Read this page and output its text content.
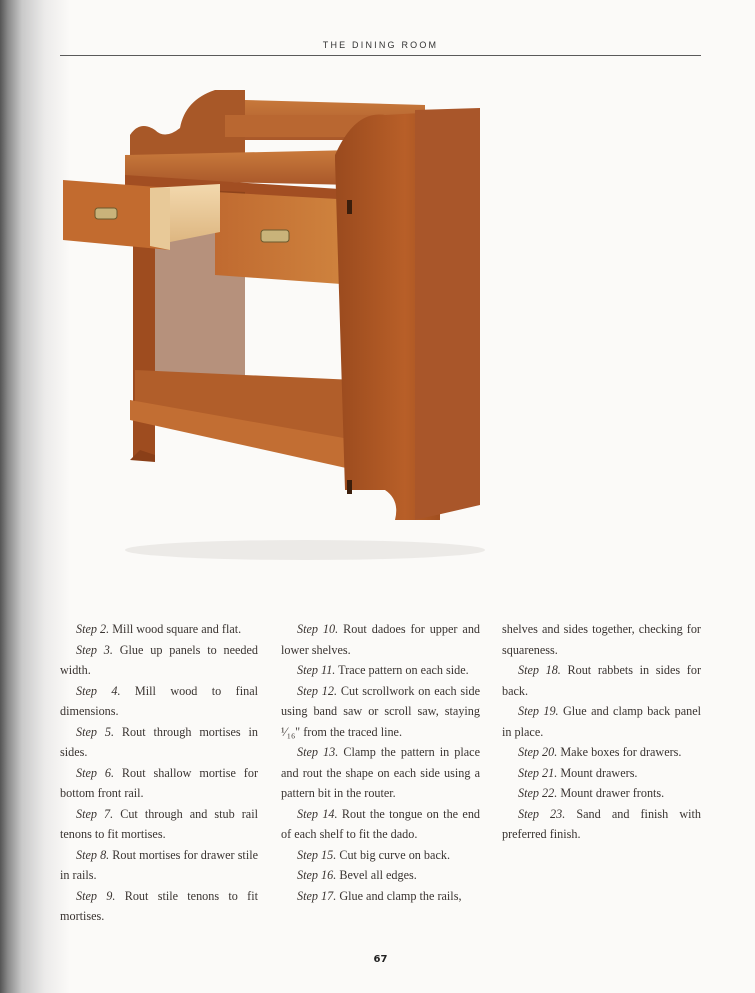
THE DINING ROOM

Step 2. Mill wood square and flat.

Step 3. Glue up panels to needed width.

Step 4. Mill wood to final dimensions.

Step 5. Rout through mortises in sides.

Step 6. Rout shallow mortise for bottom front rail.

Step 7. Cut through and stub rail tenons to fit mortises.

Step 8. Rout mortises for drawer stile in rails.

Step 9. Rout stile tenons to fit mortises.

Step 10. Rout dadoes for upper and lower shelves.

Step 11. Trace pattern on each side.

Step 12. Cut scrollwork on each side using band saw or scroll saw, staying ¹⁄₁₆" from the traced line.

Step 13. Clamp the pattern in place and rout the shape on each side using a pattern bit in the router.

Step 14. Rout the tongue on the end of each shelf to fit the dado.

Step 15. Cut big curve on back.

Step 16. Bevel all edges.

Step 17. Glue and clamp the rails,

shelves and sides together, checking for squareness.

Step 18. Rout rabbets in sides for back.

Step 19. Glue and clamp back panel in place.

Step 20. Make boxes for drawers.

Step 21. Mount drawers.

Step 22. Mount drawer fronts.

Step 23. Sand and finish with preferred finish.

67
